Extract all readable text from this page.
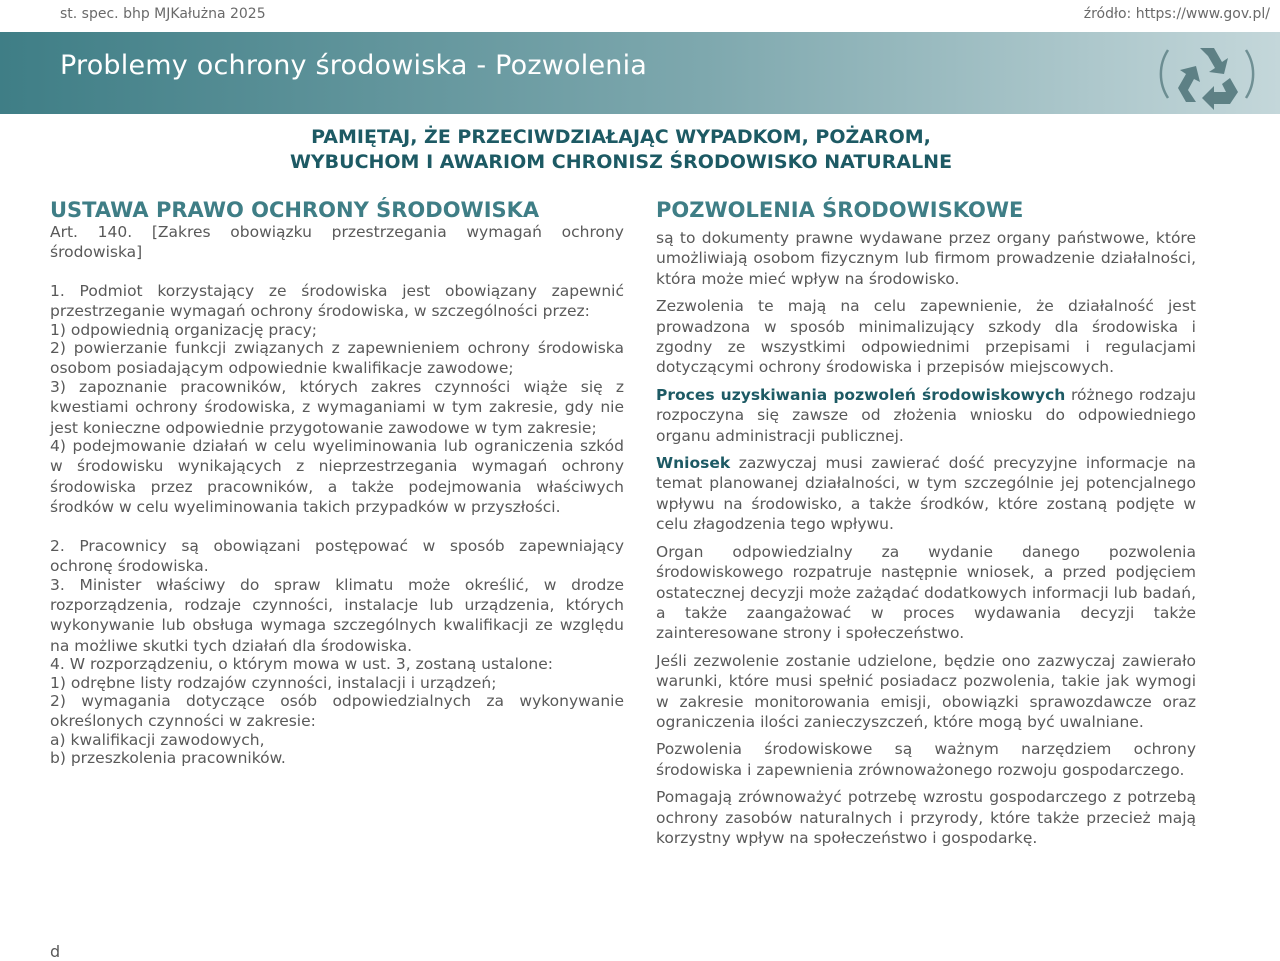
st. spec. bhp MJKałużna 2025	źródło: https://www.gov.pl/
Problemy ochrony środowiska - Pozwolenia
PAMIĘTAJ, ŻE PRZECIWDZIAŁAJĄC WYPADKOM, POŻAROM,
WYBUCHOM I AWARIOM CHRONISZ ŚRODOWISKO NATURALNE
USTAWA PRAWO OCHRONY ŚRODOWISKA

Art. 140. [Zakres obowiązku przestrzegania wymagań ochrony środowiska]

1. Podmiot korzystający ze środowiska jest obowiązany zapewnić przestrzeganie wymagań ochrony środowiska, w szczególności przez:

1) odpowiednią organizację pracy;

2) powierzanie funkcji związanych z zapewnieniem ochrony środowiska osobom posiadającym odpowiednie kwalifikacje zawodowe;

3) zapoznanie pracowników, których zakres czynności wiąże się z kwestiami ochrony środowiska, z wymaganiami w tym zakresie, gdy nie jest konieczne odpowiednie przygotowanie zawodowe w tym zakresie;

4) podejmowanie działań w celu wyeliminowania lub ograniczenia szkód w środowisku wynikających z nieprzestrzegania wymagań ochrony środowiska przez pracowników, a także podejmowania właściwych środków w celu wyeliminowania takich przypadków w przyszłości.

2. Pracownicy są obowiązani postępować w sposób zapewniający ochronę środowiska.

3. Minister właściwy do spraw klimatu może określić, w drodze rozporządzenia, rodzaje czynności, instalacje lub urządzenia, których wykonywanie lub obsługa wymaga szczególnych kwalifikacji ze względu na możliwe skutki tych działań dla środowiska.

4. W rozporządzeniu, o którym mowa w ust. 3, zostaną ustalone:

1) odrębne listy rodzajów czynności, instalacji i urządzeń;

2) wymagania dotyczące osób odpowiedzialnych za wykonywanie określonych czynności w zakresie:

a) kwalifikacji zawodowych,

b) przeszkolenia pracowników.

POZWOLENIA ŚRODOWISKOWE

są to dokumenty prawne wydawane przez organy państwowe, które umożliwiają osobom fizycznym lub firmom prowadzenie działalności, która może mieć wpływ na środowisko.

Zezwolenia te mają na celu zapewnienie, że działalność jest prowadzona w sposób minimalizujący szkody dla środowiska i zgodny ze wszystkimi odpowiednimi przepisami i regulacjami dotyczącymi ochrony środowiska i przepisów miejscowych.

Proces uzyskiwania pozwoleń środowiskowych różnego rodzaju rozpoczyna się zawsze od złożenia wniosku do odpowiedniego organu administracji publicznej.

Wniosek zazwyczaj musi zawierać dość precyzyjne informacje na temat planowanej działalności, w tym szczególnie jej potencjalnego wpływu na środowisko, a także środków, które zostaną podjęte w celu złagodzenia tego wpływu.

Organ odpowiedzialny za wydanie danego pozwolenia środowiskowego rozpatruje następnie wniosek, a przed podjęciem ostatecznej decyzji może zażądać dodatkowych informacji lub badań, a także zaangażować w proces wydawania decyzji także zainteresowane strony i społeczeństwo.

Jeśli zezwolenie zostanie udzielone, będzie ono zazwyczaj zawierało warunki, które musi spełnić posiadacz pozwolenia, takie jak wymogi w zakresie monitorowania emisji, obowiązki sprawozdawcze oraz ograniczenia ilości zanieczyszczeń, które mogą być uwalniane.

Pozwolenia środowiskowe są ważnym narzędziem ochrony środowiska i zapewnienia zrównoważonego rozwoju gospodarczego.

Pomagają zrównoważyć potrzebę wzrostu gospodarczego z potrzebą ochrony zasobów naturalnych i przyrody, które także przecież mają korzystny wpływ na społeczeństwo i gospodarkę.

d
